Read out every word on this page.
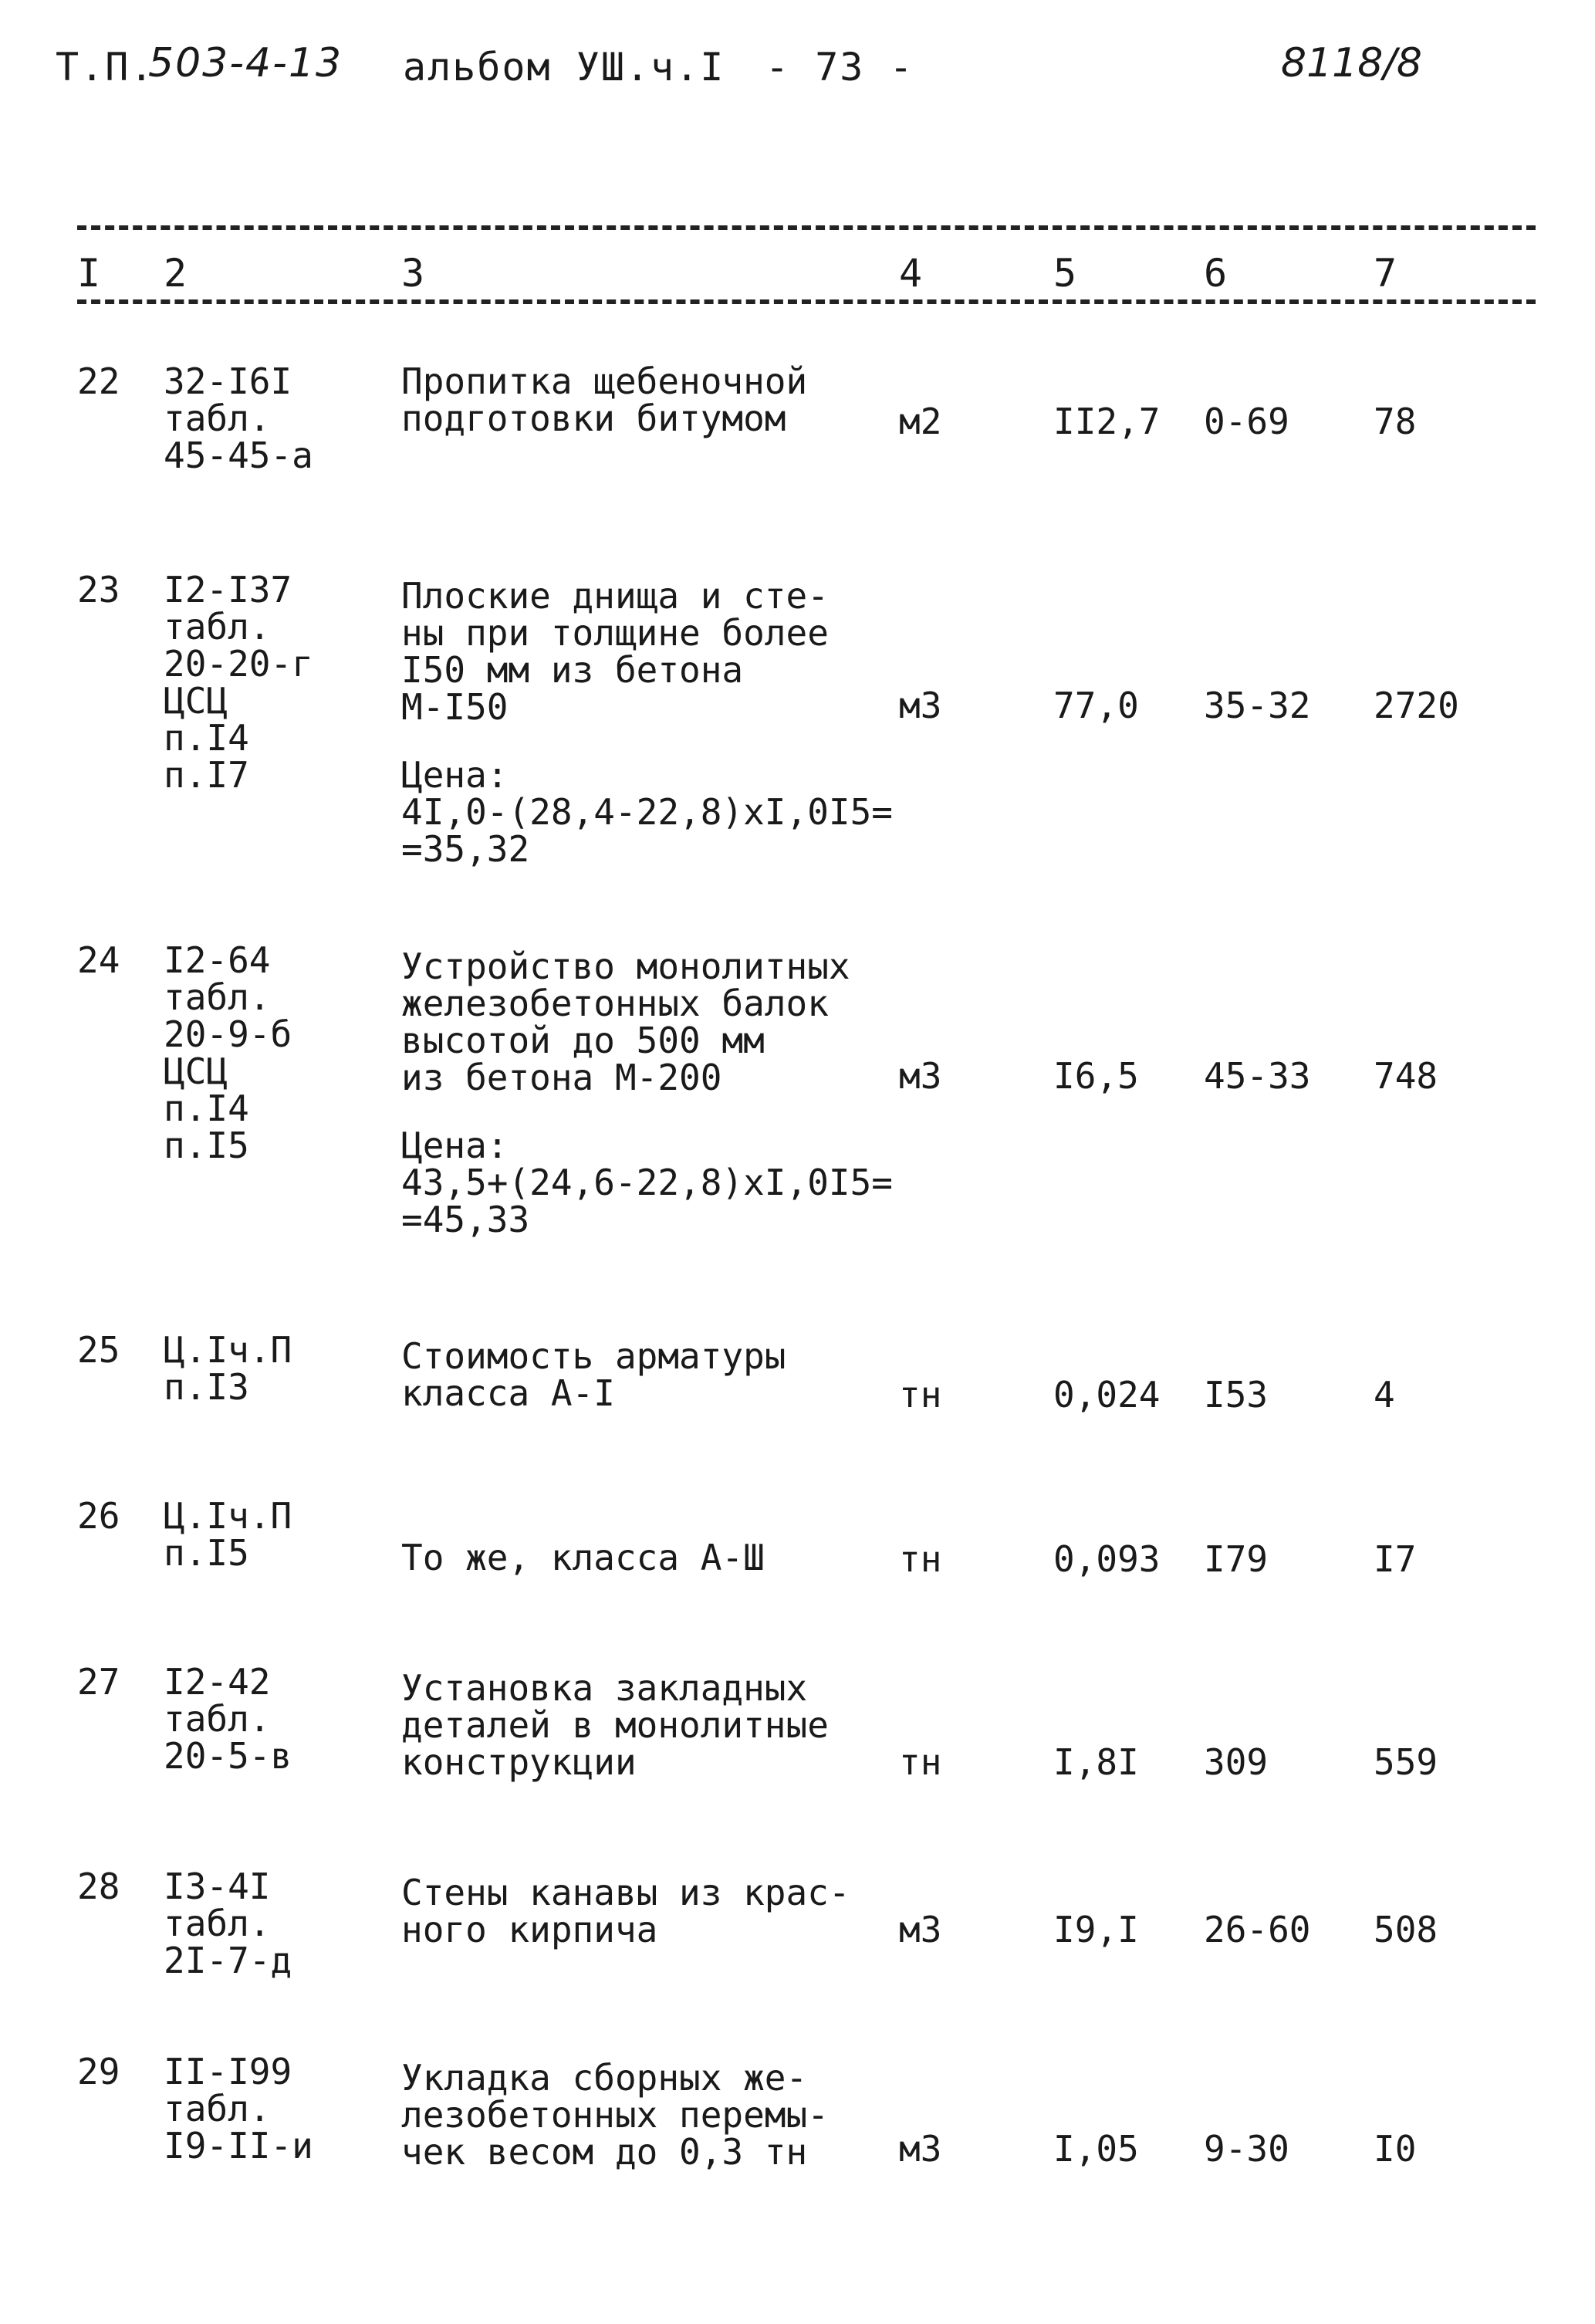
Т.П.
503-4-13 альбом УШ.ч.I - 73 -	8118/8
I 2	3	4	5	6	7
22 32-I6I
табл.
45-45-а
Пропитка щебеночной
подготовки битумом	м2	II2,7 0-69 78
23 I2-I37
табл.
20-20-г
ЦСЦ
п.I4
п.I7
Плоские днища и сте-
ны при толщине более
I50 мм из бетона
М-I50
Цена:
4I,0-(28,4-22,8)хI,0I5=
=35,32
м3	77,0 35-32 2720
24 I2-64
табл.
20-9-б
ЦСЦ
п.I4
п.I5
Устройство монолитных
железобетонных балок
высотой до 500 мм
из бетона М-200
Цена:
43,5+(24,6-22,8)хI,0I5=
=45,33
м3	I6,5 45-33 748
25 Ц.Iч.П
п.I3
Стоимость арматуры
класса А-I	тн	0,024 I53	4
26 Ц.Iч.П
п.I5	То же, класса А-Ш	тн	0,093 I79	I7
27 I2-42
табл.
20-5-в
Установка закладных
деталей в монолитные
конструкции	тн	I,8I 309	559
28 I3-4I
табл.
2I-7-д
Стены канавы из крас-
ного кирпича	м3	I9,I 26-60 508
29 II-I99
табл.
I9-II-и
Укладка сборных же-
лезобетонных перемы-
чек весом до 0,3 тн	м3	I,05 9-30 I0
